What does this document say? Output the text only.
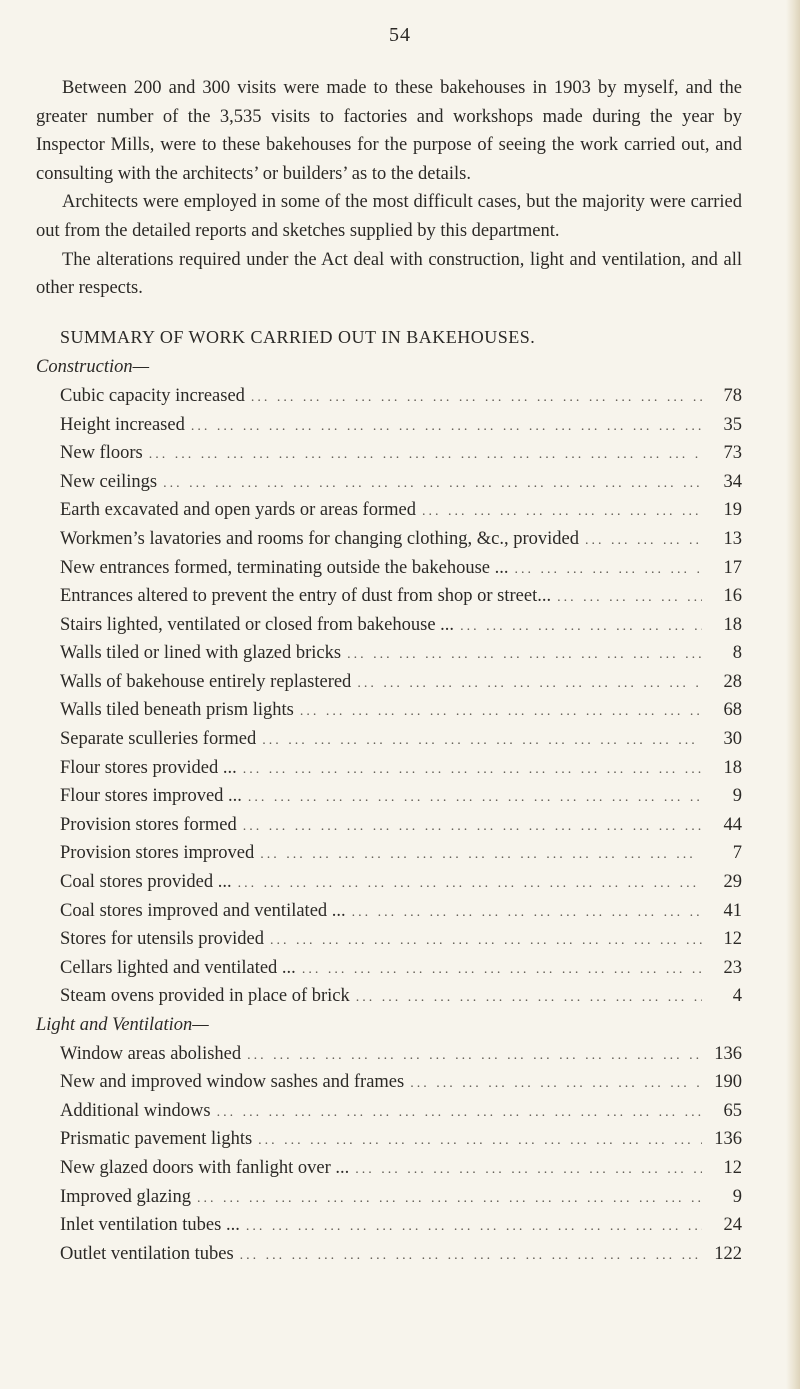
54

Between 200 and 300 visits were made to these bakehouses in 1903 by myself, and the greater number of the 3,535 visits to factories and workshops made during the year by Inspector Mills, were to these bakehouses for the purpose of seeing the work carried out, and consulting with the architects’ or builders’ as to the details.

Architects were employed in some of the most difficult cases, but the majority were carried out from the detailed reports and sketches supplied by this department.

The alterations required under the Act deal with construction, light and ventilation, and all other respects.

SUMMARY OF WORK CARRIED OUT IN BAKEHOUSES.
Construction—
Cubic capacity increased ... .	78
Height increased ... .	35
New floors ... .	73
New ceilings ... .	34
Earth excavated and open yards or areas formed ... .	19
Workmen’s lavatories and rooms for changing clothing, &c., provided ... .	13
New entrances formed, terminating outside the bakehouse ... ... .	17
Entrances altered to prevent the entry of dust from shop or street... ... .	16
Stairs lighted, ventilated or closed from bakehouse ... ... .	18
Walls tiled or lined with glazed bricks ... .	8
Walls of bakehouse entirely replastered ... .	28
Walls tiled beneath prism lights ... .	68
Separate sculleries formed ... .	30
Flour stores provided ... ... .	18
Flour stores improved ... ... .	9
Provision stores formed ... .	44
Provision stores improved ... .	7
Coal stores provided ... ... .	29
Coal stores improved and ventilated ... ... .	41
Stores for utensils provided ... .	12
Cellars lighted and ventilated ... ... .	23
Steam ovens provided in place of brick ... .	4
Light and Ventilation—
Window areas abolished ... .	136
New and improved window sashes and frames ... .	190
Additional windows ... .	65
Prismatic pavement lights ... .	136
New glazed doors with fanlight over ... ... .	12
Improved glazing ... .	9
Inlet ventilation tubes ... ... .	24
Outlet ventilation tubes ... .	122
